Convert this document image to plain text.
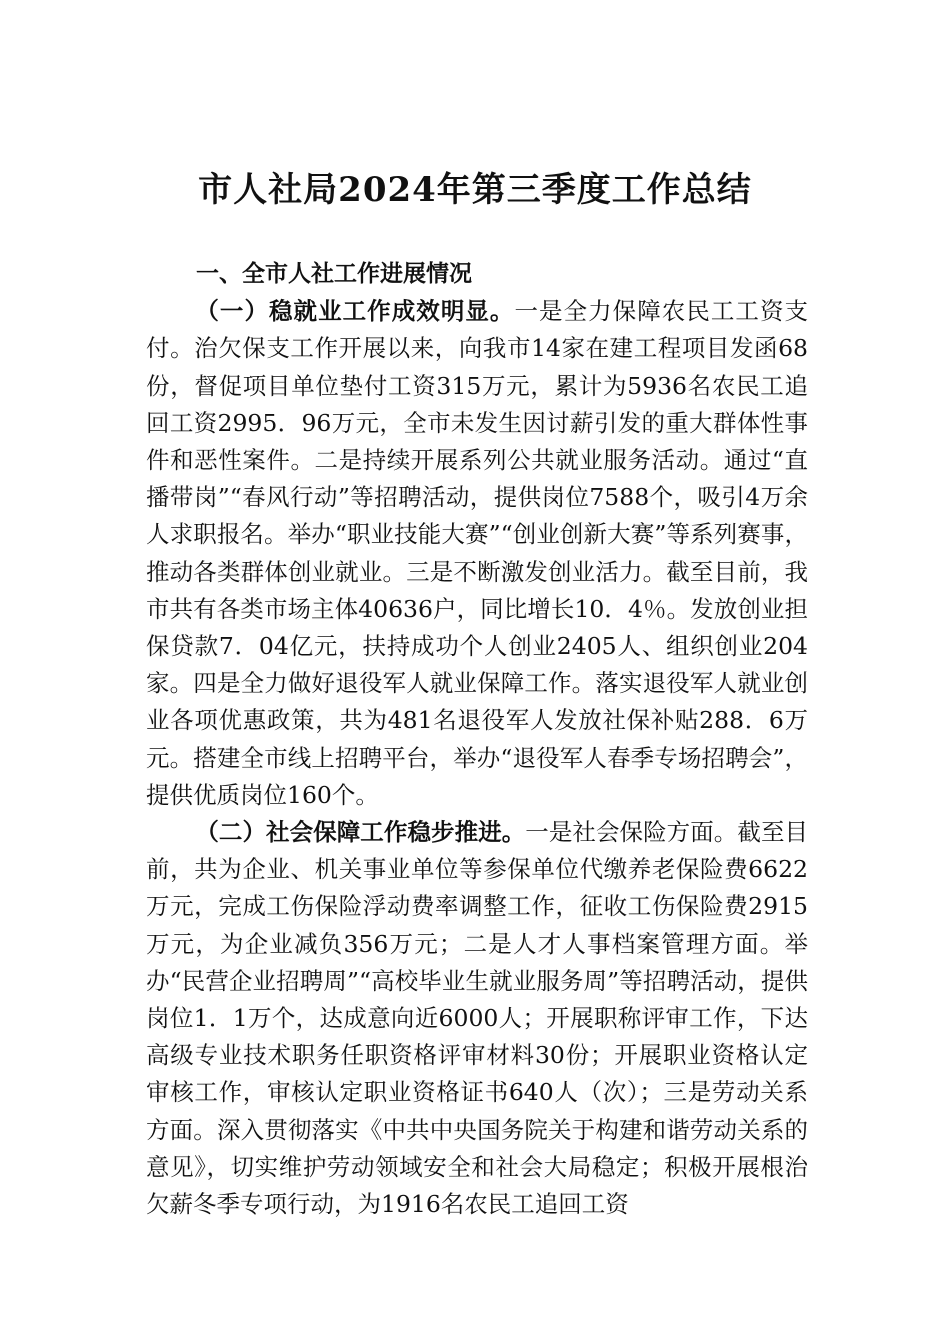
市人社局2024年第三季度工作总结

一、全市人社工作进展情况

（一）稳就业工作成效明显。一是全力保障农民工工资支付。治欠保支工作开展以来，向我市14家在建工程项目发函68份，督促项目单位垫付工资315万元，累计为5936名农民工追回工资2995．96万元，全市未发生因讨薪引发的重大群体性事件和恶性案件。二是持续开展系列公共就业服务活动。通过“直播带岗”“春风行动”等招聘活动，提供岗位7588个，吸引4万余人求职报名。举办“职业技能大赛”“创业创新大赛”等系列赛事，推动各类群体创业就业。三是不断激发创业活力。截至目前，我市共有各类市场主体40636户，同比增长10．4％。发放创业担保贷款7．04亿元，扶持成功个人创业2405人、组织创业204家。四是全力做好退役军人就业保障工作。落实退役军人就业创业各项优惠政策，共为481名退役军人发放社保补贴288．6万元。搭建全市线上招聘平台，举办“退役军人春季专场招聘会”，提供优质岗位160个。

（二）社会保障工作稳步推进。一是社会保险方面。截至目前，共为企业、机关事业单位等参保单位代缴养老保险费6622万元，完成工伤保险浮动费率调整工作，征收工伤保险费2915万元，为企业减负356万元；二是人才人事档案管理方面。举办“民营企业招聘周”“高校毕业生就业服务周”等招聘活动，提供岗位1．1万个，达成意向近6000人；开展职称评审工作，下达高级专业技术职务任职资格评审材料30份；开展职业资格认定审核工作，审核认定职业资格证书640人（次）；三是劳动关系方面。深入贯彻落实《中共中央国务院关于构建和谐劳动关系的意见》，切实维护劳动领域安全和社会大局稳定；积极开展根治欠薪冬季专项行动，为1916名农民工追回工资
